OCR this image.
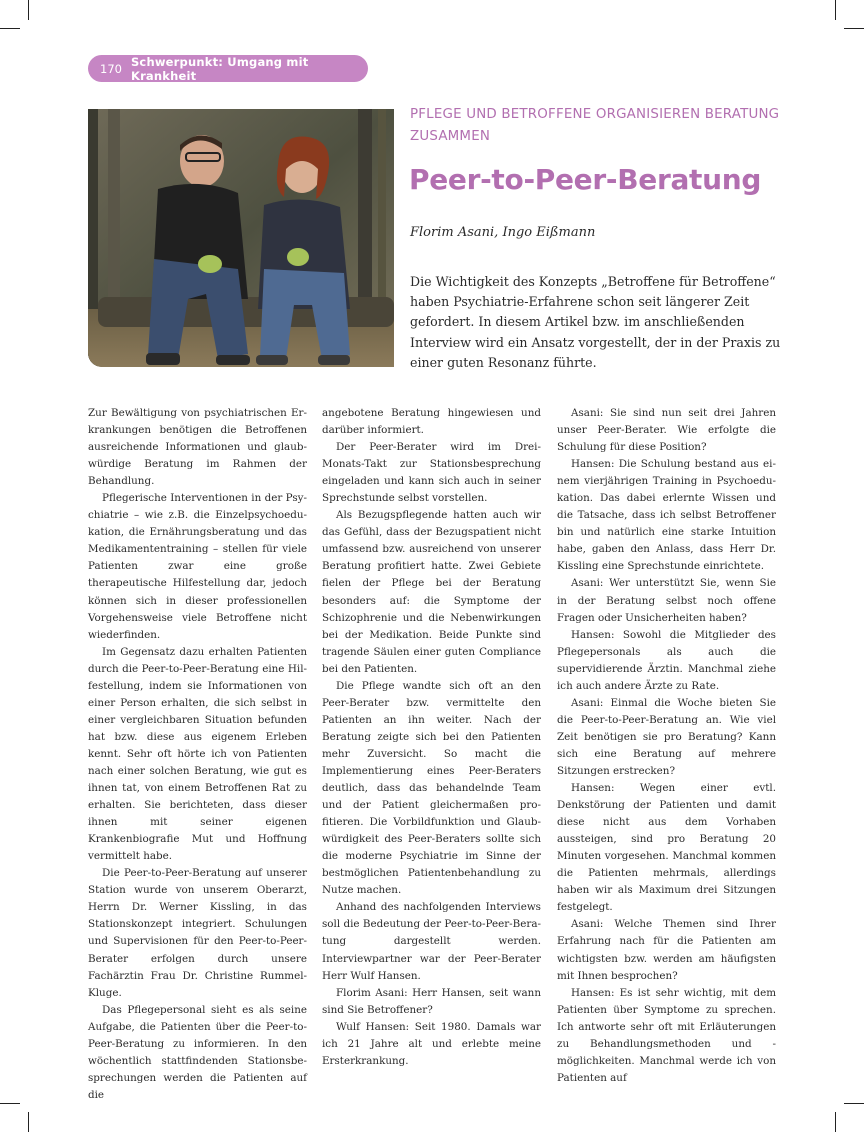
170 Schwerpunkt: Umgang mit Krankheit
PFLEGE UND BETROFFENE ORGANISIEREN BERATUNG ZUSAMMEN
Peer-to-Peer-Beratung
Florim Asani, Ingo Eißmann
Die Wichtigkeit des Konzepts „Betroffene für Betroffene“ haben Psychiatrie-Erfahrene schon seit längerer Zeit gefordert. In diesem Artikel bzw. im anschließenden Interview wird ein Ansatz vorgestellt, der in der Praxis zu einer guten Resonanz führte.

Zur Bewältigung von psychiatrischen Erkrankungen benötigen die Betroffenen ausreichende Informationen und glaubwürdige Beratung im Rahmen der Behandlung.

Pflegerische Interventionen in der Psychiatrie – wie z.B. die Einzelpsychoedukation, die Ernährungsberatung und das Medikamententraining – stellen für viele Patienten zwar eine große therapeutische Hilfestellung dar, jedoch können sich in dieser professionellen Vorgehensweise viele Betroffene nicht wiederfinden.

Im Gegensatz dazu erhalten Patienten durch die Peer-to-Peer-Beratung eine Hilfestellung, indem sie Informationen von einer Person erhalten, die sich selbst in einer vergleichbaren Situation befunden hat bzw. diese aus eigenem Erleben kennt. Sehr oft hörte ich von Patienten nach einer solchen Beratung, wie gut es ihnen tat, von einem Betroffenen Rat zu erhalten. Sie berichteten, dass dieser ihnen mit seiner eigenen Krankenbiografie Mut und Hoffnung vermittelt habe.

Die Peer-to-Peer-Beratung auf unserer Station wurde von unserem Oberarzt, Herrn Dr. Werner Kissling, in das Stationskonzept integriert. Schulungen und Supervisionen für den Peer-to-Peer-Berater erfolgen durch unsere Fachärztin Frau Dr. Christine Rummel-Kluge.

Das Pflegepersonal sieht es als seine Aufgabe, die Patienten über die Peer-to-Peer-Beratung zu informieren. In den wöchentlich stattfindenden Stationsbesprechungen werden die Patienten auf die

angebotene Beratung hingewiesen und darüber informiert.

Der Peer-Berater wird im Drei-Monats-Takt zur Stationsbesprechung eingeladen und kann sich auch in seiner Sprechstunde selbst vorstellen.

Als Bezugspflegende hatten auch wir das Gefühl, dass der Bezugspatient nicht umfassend bzw. ausreichend von unserer Beratung profitiert hatte. Zwei Gebiete fielen der Pflege bei der Beratung besonders auf: die Symptome der Schizophrenie und die Nebenwirkungen bei der Medikation. Beide Punkte sind tragende Säulen einer guten Compliance bei den Patienten.

Die Pflege wandte sich oft an den Peer-Berater bzw. vermittelte den Patienten an ihn weiter. Nach der Beratung zeigte sich bei den Patienten mehr Zuversicht. So macht die Implementierung eines Peer-Beraters deutlich, dass das behandelnde Team und der Patient gleichermaßen profitieren. Die Vorbildfunktion und Glaubwürdigkeit des Peer-Beraters sollte sich die moderne Psychiatrie im Sinne der bestmöglichen Patientenbehandlung zu Nutze machen.

Anhand des nachfolgenden Interviews soll die Bedeutung der Peer-to-Peer-Beratung dargestellt werden. Interviewpartner war der Peer-Berater Herr Wulf Hansen.

Florim Asani: Herr Hansen, seit wann sind Sie Betroffener?

Wulf Hansen: Seit 1980. Damals war ich 21 Jahre alt und erlebte meine Ersterkrankung.

Asani: Sie sind nun seit drei Jahren unser Peer-Berater. Wie erfolgte die Schulung für diese Position?

Hansen: Die Schulung bestand aus einem vierjährigen Training in Psychoedukation. Das dabei erlernte Wissen und die Tatsache, dass ich selbst Betroffener bin und natürlich eine starke Intuition habe, gaben den Anlass, dass Herr Dr. Kissling eine Sprechstunde einrichtete.

Asani: Wer unterstützt Sie, wenn Sie in der Beratung selbst noch offene Fragen oder Unsicherheiten haben?

Hansen: Sowohl die Mitglieder des Pflegepersonals als auch die supervidierende Ärztin. Manchmal ziehe ich auch andere Ärzte zu Rate.

Asani: Einmal die Woche bieten Sie die Peer-to-Peer-Beratung an. Wie viel Zeit benötigen sie pro Beratung? Kann sich eine Beratung auf mehrere Sitzungen erstrecken?

Hansen: Wegen einer evtl. Denkstörung der Patienten und damit diese nicht aus dem Vorhaben aussteigen, sind pro Beratung 20 Minuten vorgesehen. Manchmal kommen die Patienten mehrmals, allerdings haben wir als Maximum drei Sitzungen festgelegt.

Asani: Welche Themen sind Ihrer Erfahrung nach für die Patienten am wichtigsten bzw. werden am häufigsten mit Ihnen besprochen?

Hansen: Es ist sehr wichtig, mit dem Patienten über Symptome zu sprechen. Ich antworte sehr oft mit Erläuterungen zu Behandlungsmethoden und -möglichkeiten. Manchmal werde ich von Patienten auf
